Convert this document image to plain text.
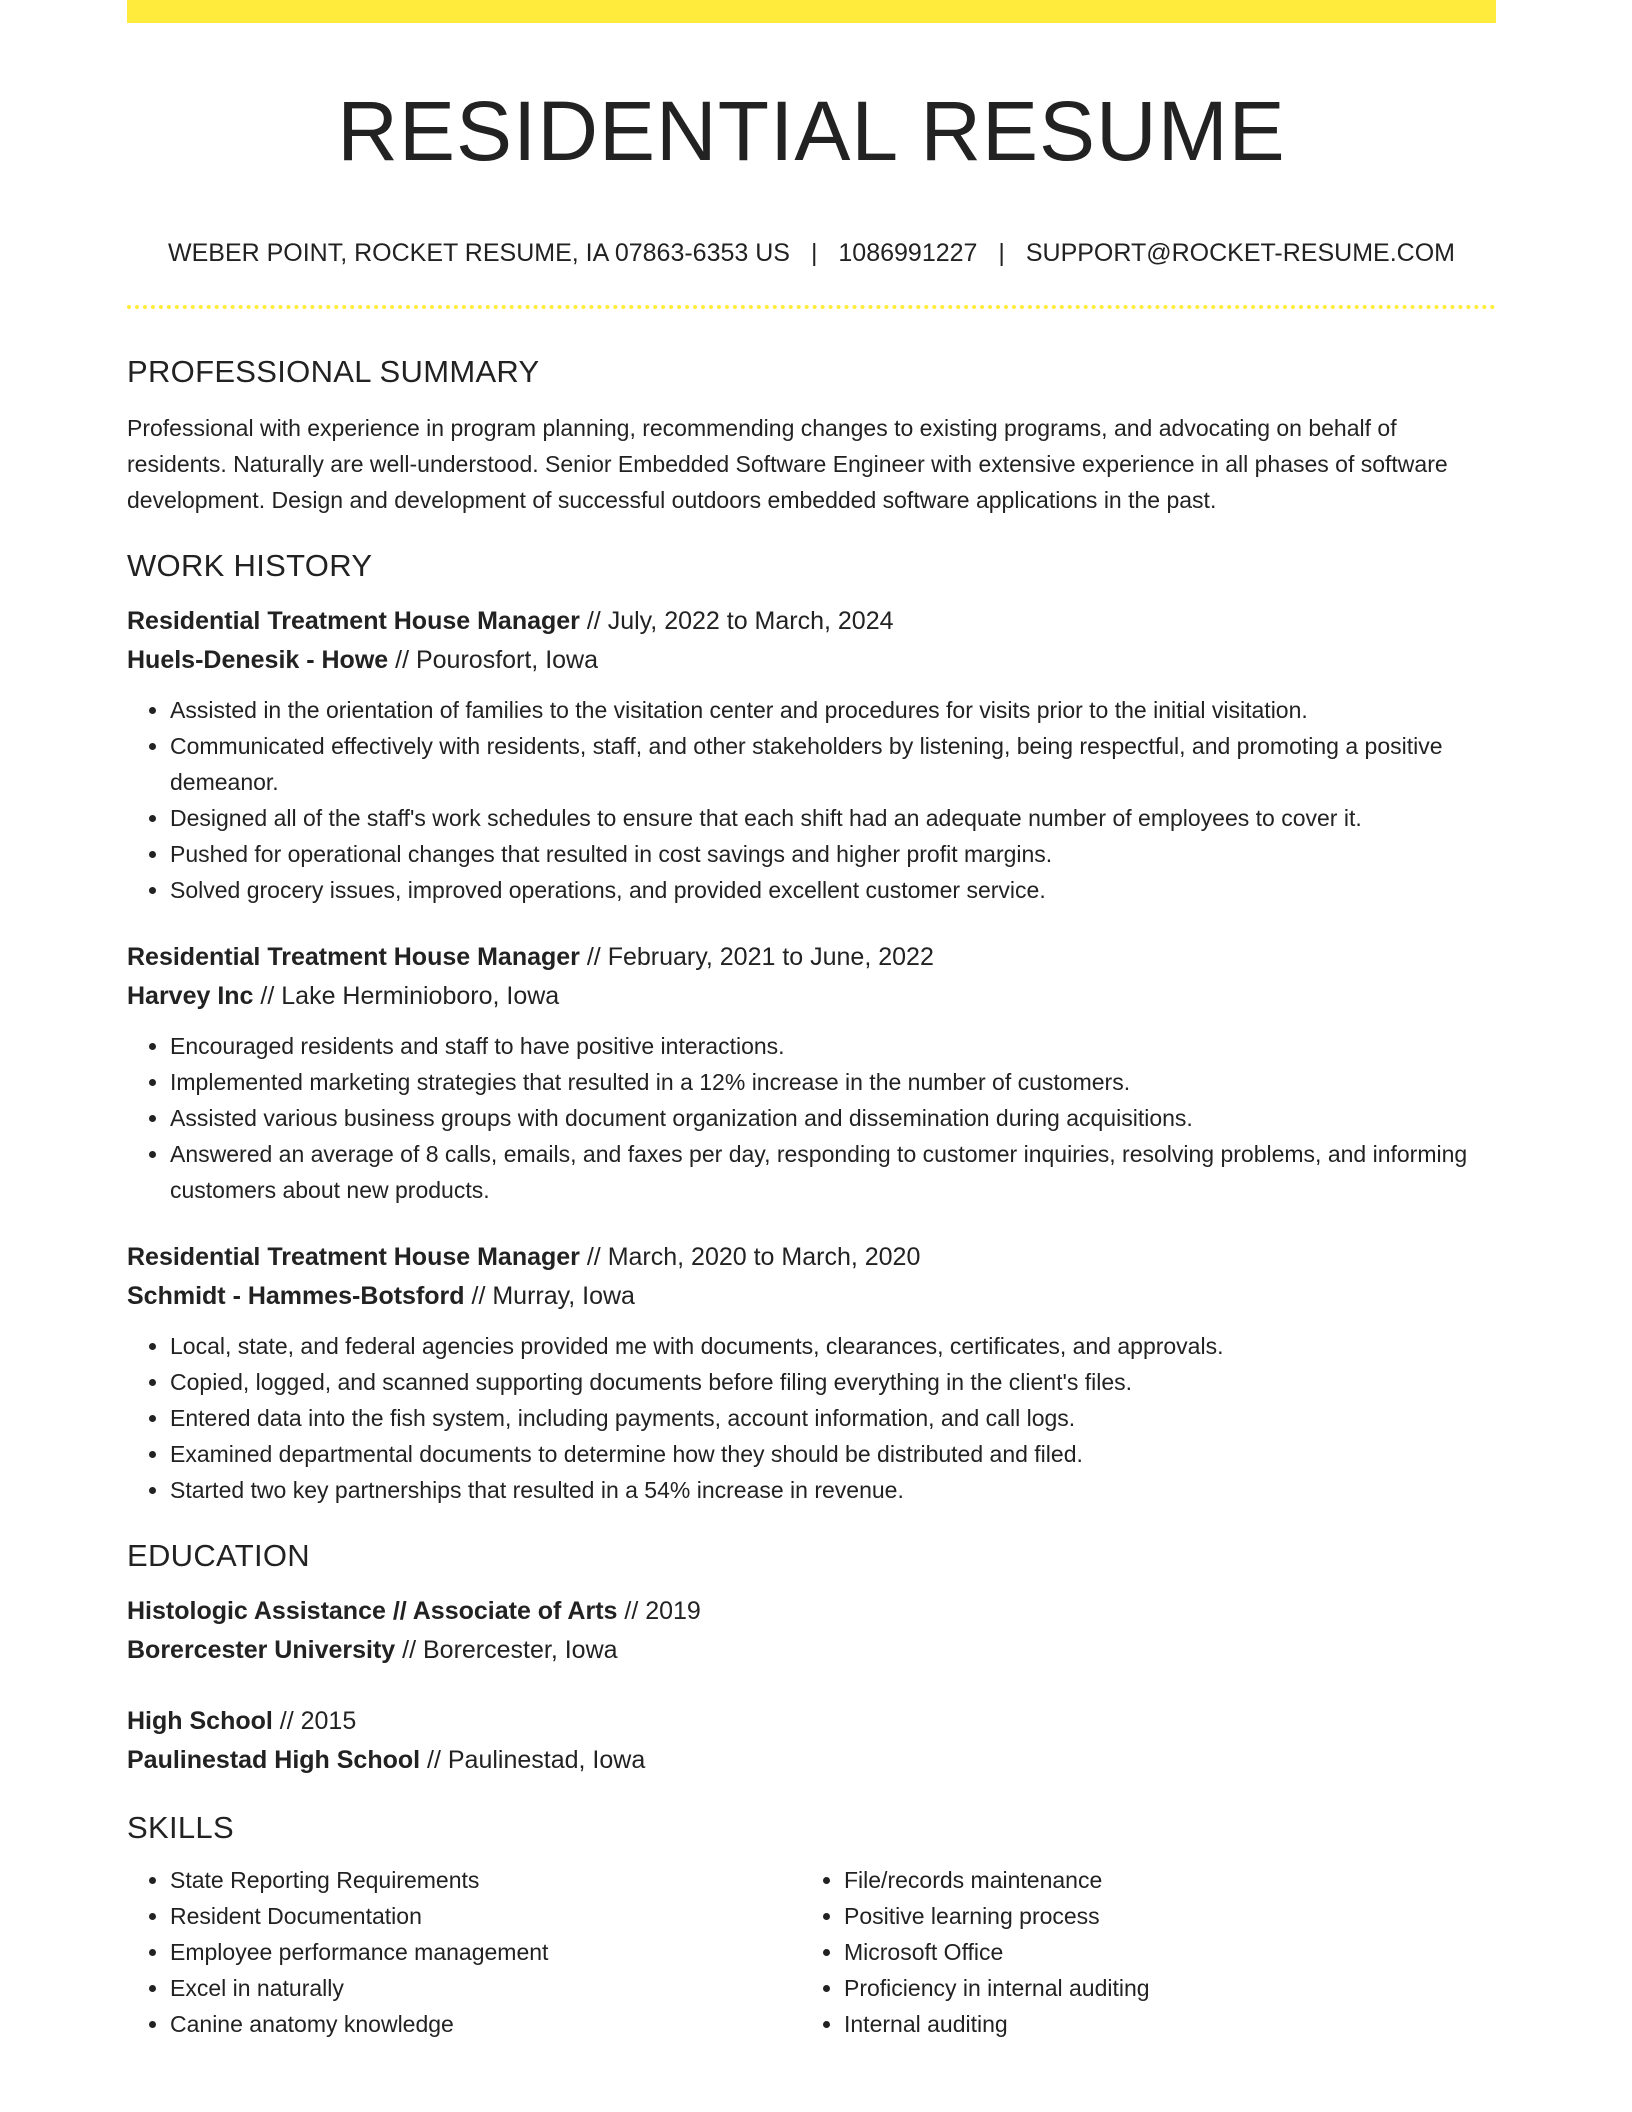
RESIDENTIAL RESUME
WEBER POINT, ROCKET RESUME, IA 07863-6353 US | 1086991227 | SUPPORT@ROCKET-RESUME.COM
PROFESSIONAL SUMMARY

Professional with experience in program planning, recommending changes to existing programs, and advocating on behalf of residents. Naturally are well-understood. Senior Embedded Software Engineer with extensive experience in all phases of software development. Design and development of successful outdoors embedded software applications in the past.

WORK HISTORY
Residential Treatment House Manager // July, 2022 to March, 2024
Huels-Denesik - Howe // Pourosfort, Iowa
• Assisted in the orientation of families to the visitation center and procedures for visits prior to the initial visitation.
• Communicated effectively with residents, staff, and other stakeholders by listening, being respectful, and promoting a positive demeanor.
• Designed all of the staff's work schedules to ensure that each shift had an adequate number of employees to cover it.
• Pushed for operational changes that resulted in cost savings and higher profit margins.
• Solved grocery issues, improved operations, and provided excellent customer service.
Residential Treatment House Manager // February, 2021 to June, 2022
Harvey Inc // Lake Herminioboro, Iowa
• Encouraged residents and staff to have positive interactions.
• Implemented marketing strategies that resulted in a 12% increase in the number of customers.
• Assisted various business groups with document organization and dissemination during acquisitions.
• Answered an average of 8 calls, emails, and faxes per day, responding to customer inquiries, resolving problems, and informing customers about new products.
Residential Treatment House Manager // March, 2020 to March, 2020
Schmidt - Hammes-Botsford // Murray, Iowa
• Local, state, and federal agencies provided me with documents, clearances, certificates, and approvals.
• Copied, logged, and scanned supporting documents before filing everything in the client's files.
• Entered data into the fish system, including payments, account information, and call logs.
• Examined departmental documents to determine how they should be distributed and filed.
• Started two key partnerships that resulted in a 54% increase in revenue.
EDUCATION
Histologic Assistance // Associate of Arts // 2019
Borercester University // Borercester, Iowa
High School // 2015
Paulinestad High School // Paulinestad, Iowa
SKILLS
• State Reporting Requirements
• Resident Documentation
• Employee performance management
• Excel in naturally
• Canine anatomy knowledge
• File/records maintenance
• Positive learning process
• Microsoft Office
• Proficiency in internal auditing
• Internal auditing
